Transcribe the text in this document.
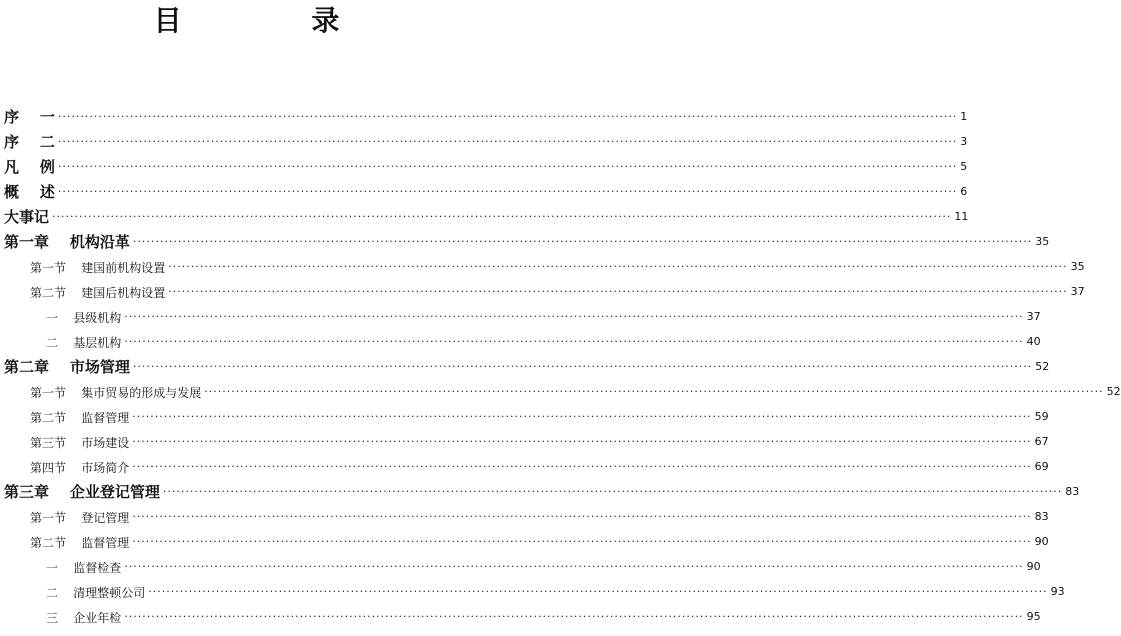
目 录
序    一 ········································································································································································································ 1
序    二 ········································································································································································································ 3
凡    例 ········································································································································································································ 5
概    述 ········································································································································································································ 6
大事记 ········································································································································································································ 11
第一章    机构沿革 ········································································································································································································ 35
第一节    建国前机构设置 ········································································································································································································ 35
第二节    建国后机构设置 ········································································································································································································ 37
一    县级机构 ········································································································································································································ 37
二    基层机构 ········································································································································································································ 40
第二章    市场管理 ········································································································································································································ 52
第一节    集市贸易的形成与发展 ········································································································································································································ 52
第二节    监督管理 ········································································································································································································ 59
第三节    市场建设 ········································································································································································································ 67
第四节    市场简介 ········································································································································································································ 69
第三章    企业登记管理 ········································································································································································································ 83
第一节    登记管理 ········································································································································································································ 83
第二节    监督管理 ········································································································································································································ 90
一    监督检查 ········································································································································································································ 90
二    清理整顿公司 ········································································································································································································ 93
三    企业年检 ········································································································································································································ 95
